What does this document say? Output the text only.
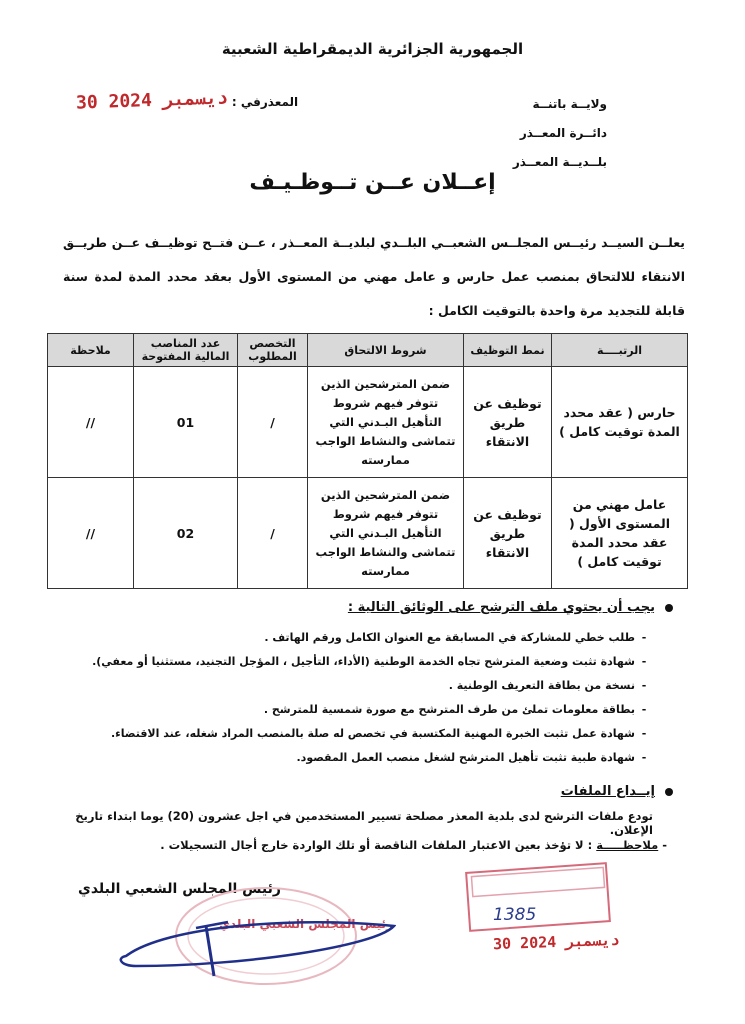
الجمهورية الجزائرية الديمقراطية الشعبية
ولايــة باتنــة
دائــرة المعــذر
بلــديــة المعــذر
المعذرفي : 30 ديسمبر 2024
إعــلان عــن تــوظـيـف
يعلــن السيــد رئيــس المجلــس الشعبــي البلــدي لبلديــة المعــذر ، عــن فتــح توظيــف عــن طريــق الانتقاء للالتحاق بمنصب عمل حارس و عامل مهني من المستوى الأول بعقد محدد المدة لمدة سنة قابلة للتجديد مرة واحدة بالتوقيت الكامل :
الرتبــــة	نمط التوظيف	شروط الالتحاق	التخصص المطلوب	عدد المناصب المالية المفتوحة	ملاحظة
حارس ( عقد محدد المدة توقيت كامل )	توظيف عن طريق الانتقاء	ضمن المترشحين الذين تتوفر فيهم شروط التأهيل البـدني التي تتماشى والنشاط الواجب ممارسته	/	01	//
عامل مهني من المستوى الأول ( عقد محدد المدة توقيت كامل )	توظيف عن طريق الانتقاء	ضمن المترشحين الذين تتوفر فيهم شروط التأهيل البـدني التي تتماشى والنشاط الواجب ممارسته	/	02	//
يجب أن يحتوي ملف الترشح على الوثائق التالية :
- طلب خطي للمشاركة في المسابقة مع العنوان الكامل ورقم الهاتف .
- شهادة تثبت وضعية المترشح تجاه الخدمة الوطنية (الأداء، التأجيل ، المؤجل التجنيد، مستثنيا أو معفي).
- نسخة من بطاقة التعريف الوطنية .
- بطاقة معلومات تملئ من طرف المترشح مع صورة شمسية للمترشح .
- شهادة عمل تثبت الخبرة المهنية المكتسبة في تخصص له صلة بالمنصب المراد شغله، عند الاقتضاء.
- شهادة طبية تثبت تأهيل المترشح لشغل منصب العمل المقصود.
إيــداع الملفات
تودع ملفات الترشح لدى بلدية المعذر مصلحة تسيير المستخدمين في اجل عشرون (20) يوما ابتداء تاريخ الإعلان.
- ملاحظـــــة : لا تؤخذ بعين الاعتبار الملفات الناقصة أو تلك الواردة خارج أجال التسجيلات .
رئيس المجلس الشعبي البلدي
رئيس المجلس الشعبي البلدي	1385
30 ديسمبر 2024
